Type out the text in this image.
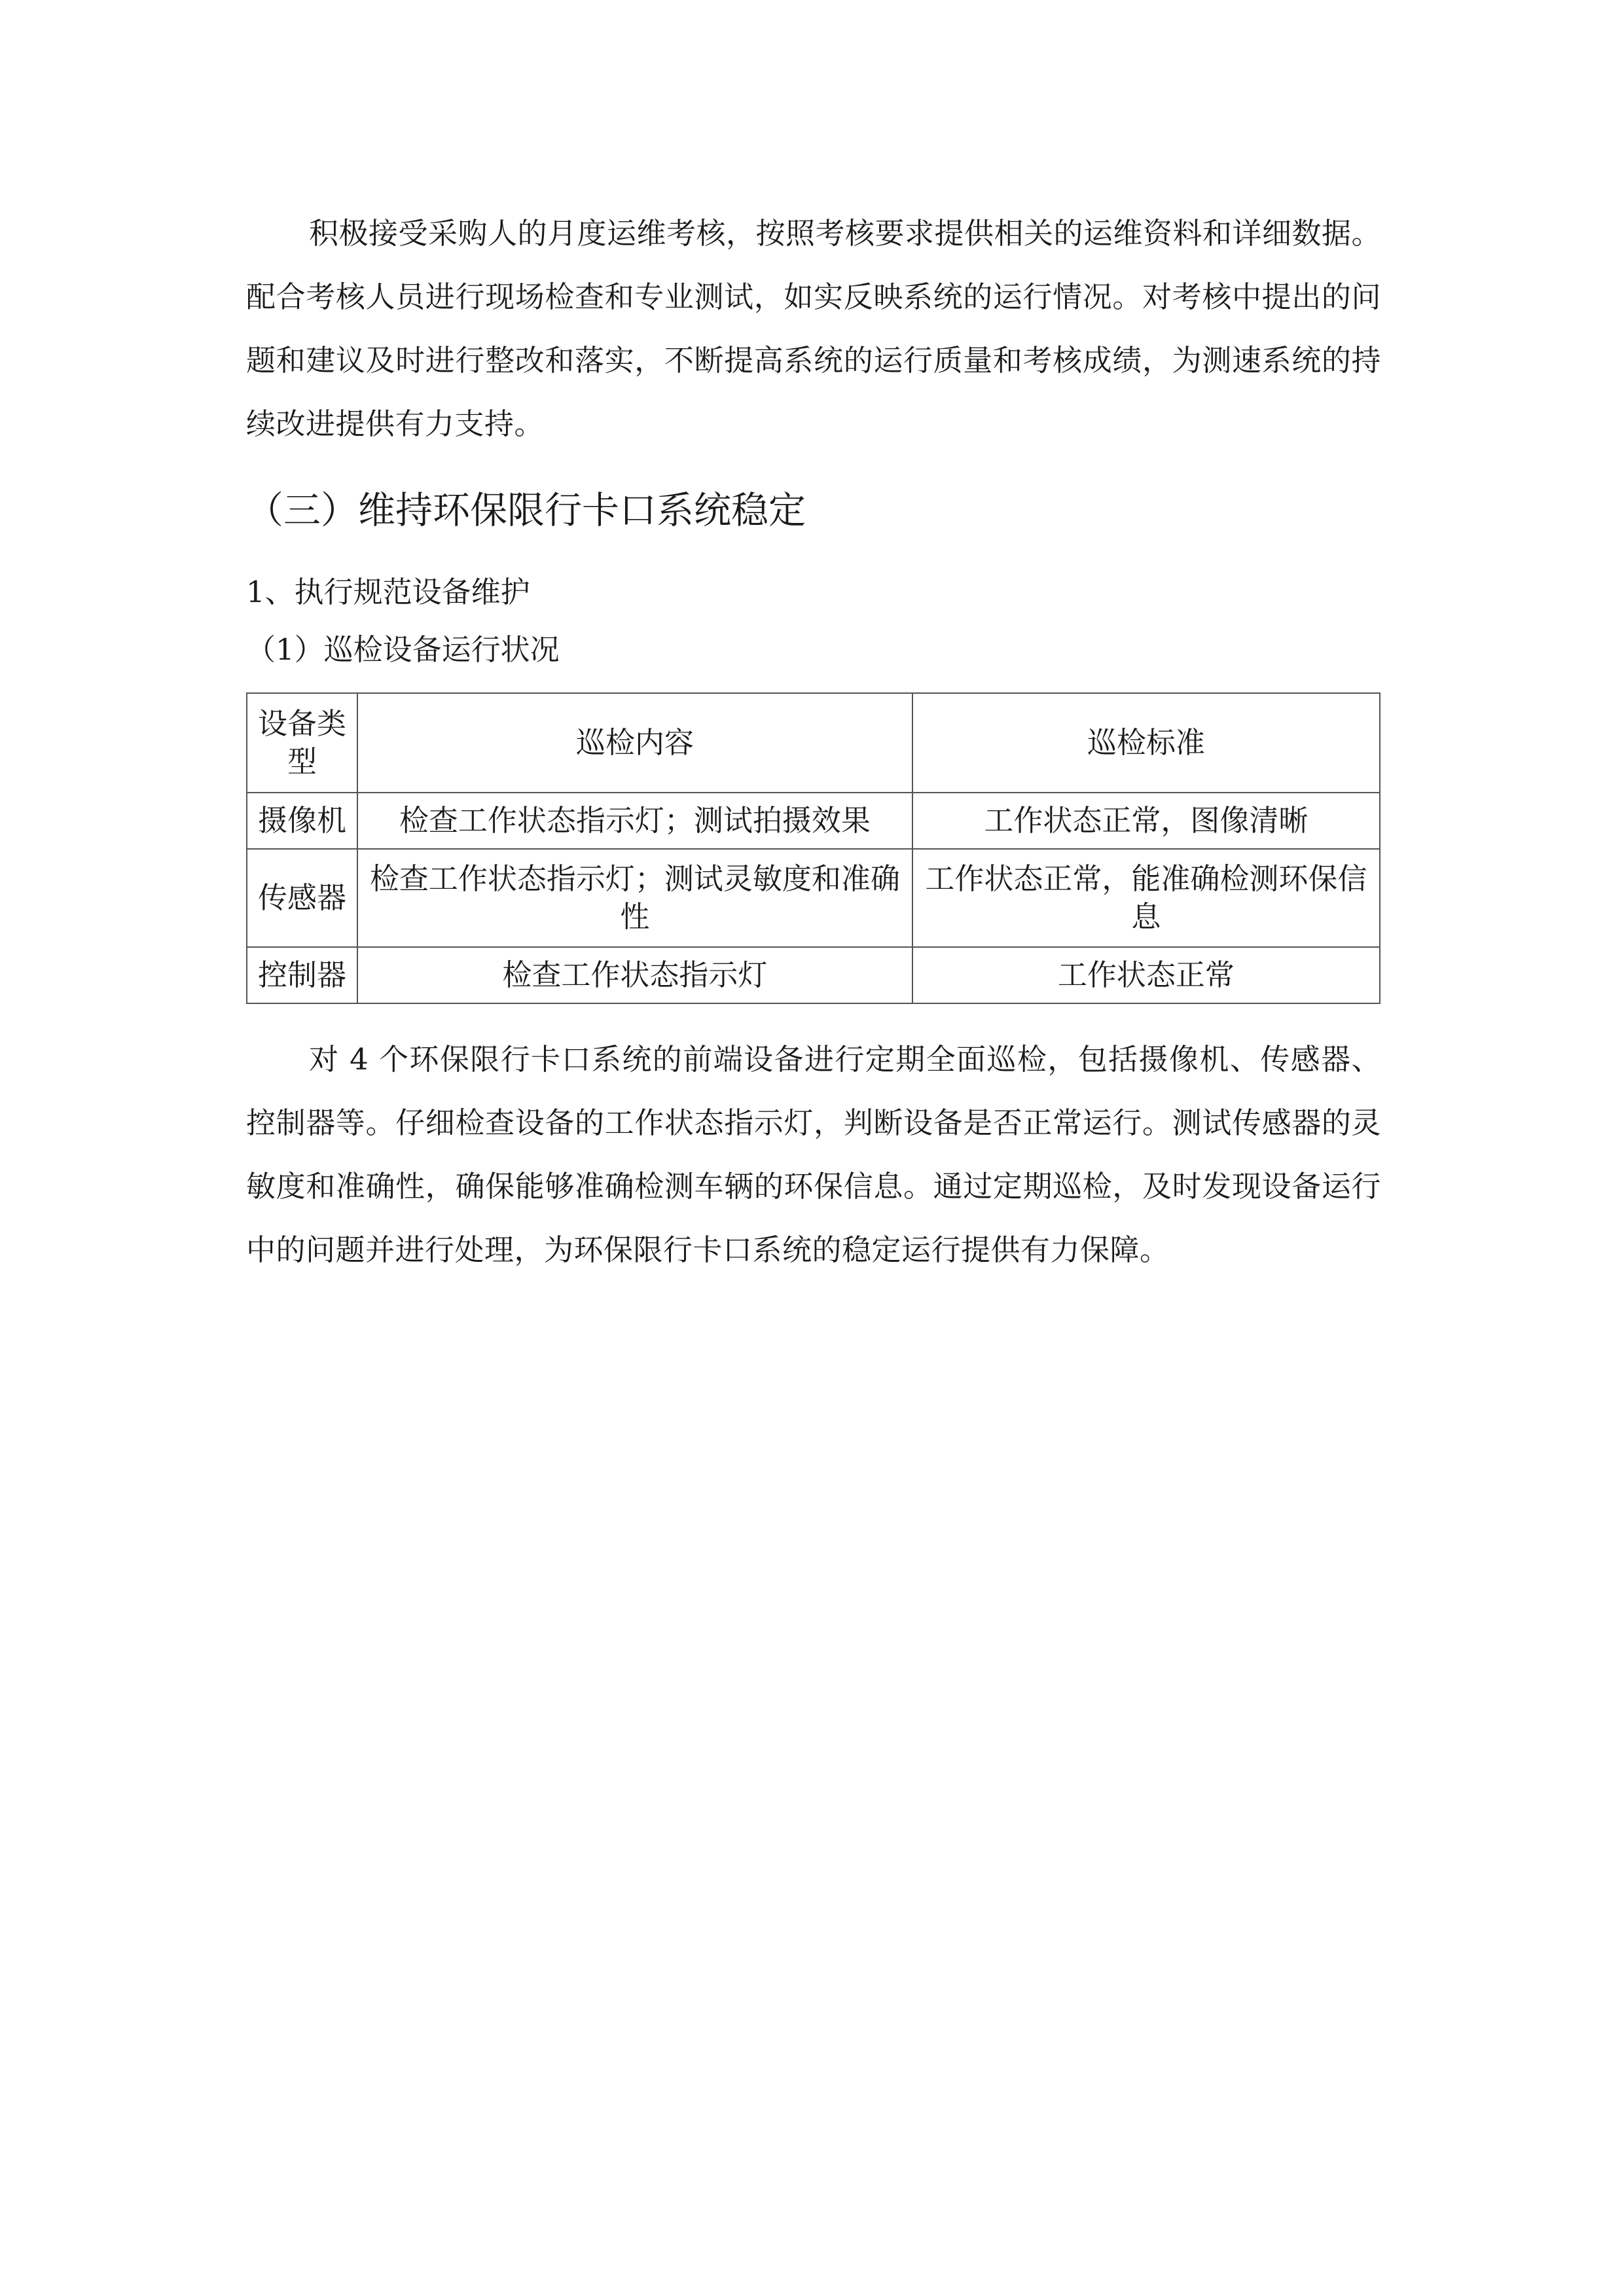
积极接受采购人的月度运维考核，按照考核要求提供相关的运维资料和详细数据。配合考核人员进行现场检查和专业测试，如实反映系统的运行情况。对考核中提出的问题和建议及时进行整改和落实，不断提高系统的运行质量和考核成绩，为测速系统的持续改进提供有力支持。

（三）维持环保限行卡口系统稳定
1、执行规范设备维护
（1）巡检设备运行状况
设备类型	巡检内容	巡检标准
摄像机	检查工作状态指示灯；测试拍摄效果	工作状态正常，图像清晰
传感器	检查工作状态指示灯；测试灵敏度和准确性	工作状态正常，能准确检测环保信息
控制器	检查工作状态指示灯	工作状态正常

对 4 个环保限行卡口系统的前端设备进行定期全面巡检，包括摄像机、传感器、控制器等。仔细检查设备的工作状态指示灯，判断设备是否正常运行。测试传感器的灵敏度和准确性，确保能够准确检测车辆的环保信息。通过定期巡检，及时发现设备运行中的问题并进行处理，为环保限行卡口系统的稳定运行提供有力保障。
